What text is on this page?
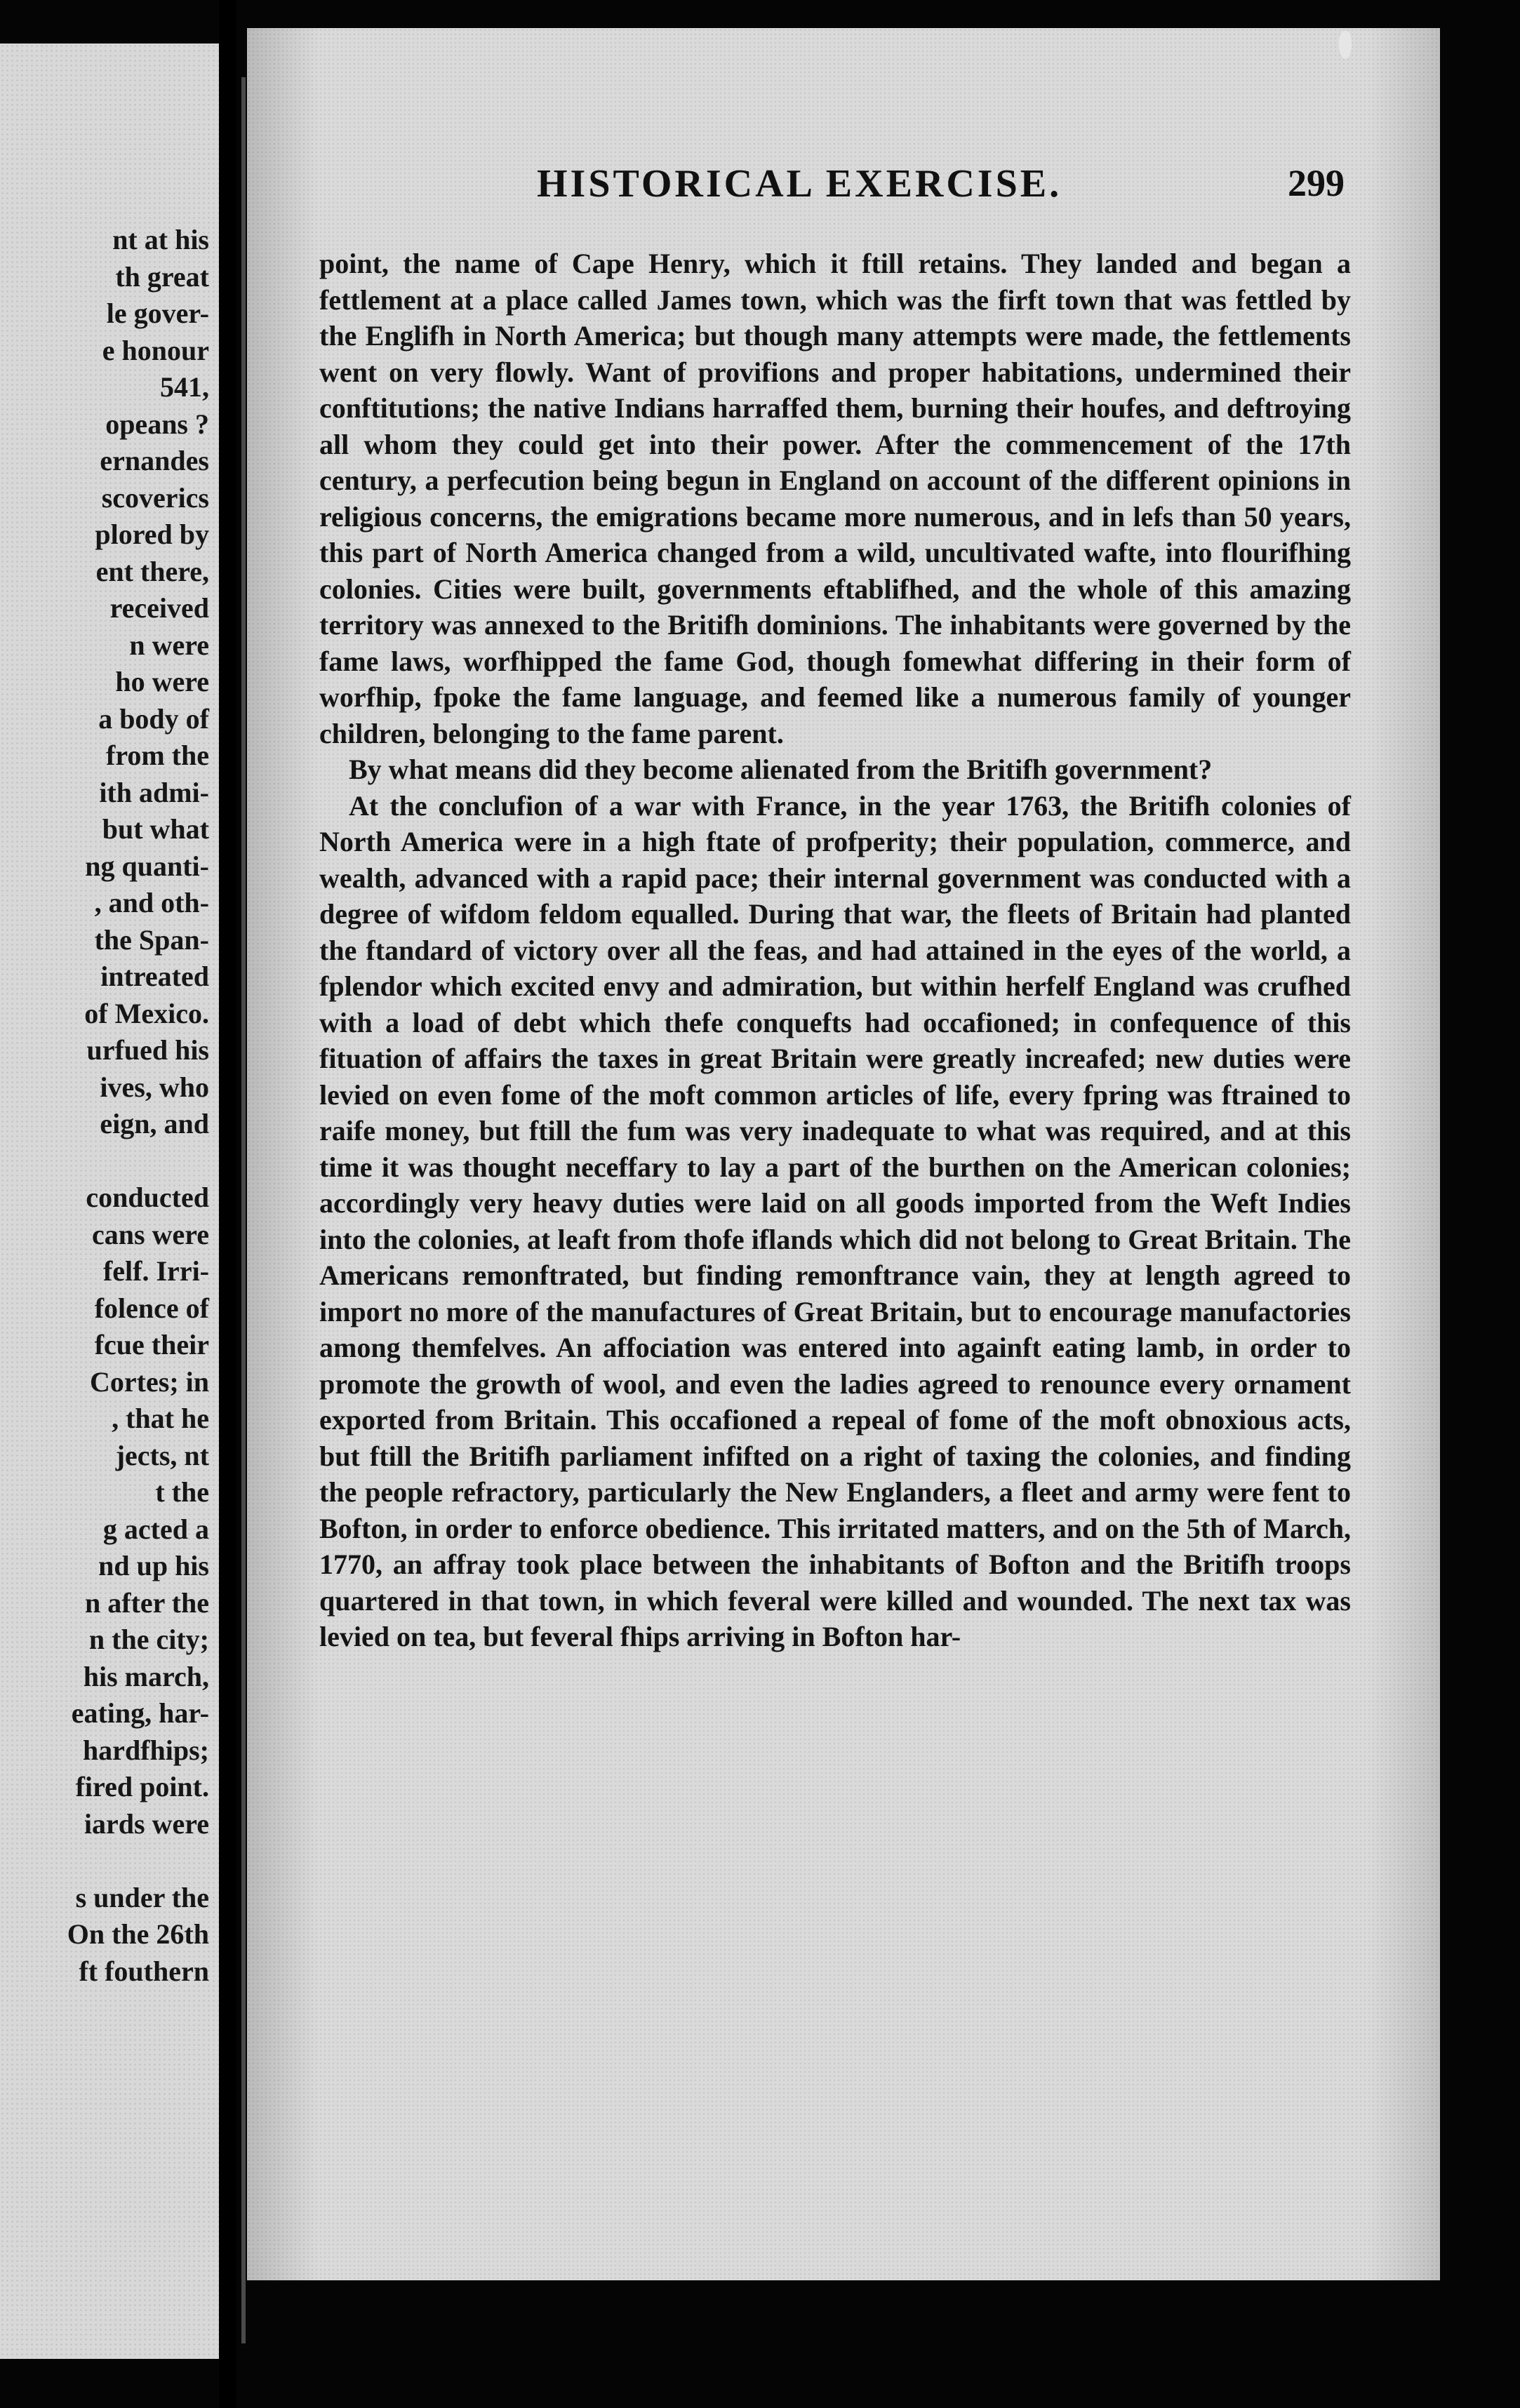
nt at his
th great
le gover-
e honour
541,
opeans ?
ernandes
scoverics
plored by
ent there,
received
n were
ho were
a body of
from the
ith admi-
but what
ng quanti-
, and oth-
the Span-
intreated
of Mexico.
urfued his
ives, who
eign, and
conducted
cans were
felf. Irri-
folence of
fcue their
Cortes; in
, that he
jects, nt
t the
g acted a
nd up his
n after the
n the city;
his march,
eating, har-
hardfhips;
fired point.
iards were
s under the
On the 26th
ft fouthern
HISTORICAL EXERCISE.	299

point, the name of Cape Henry, which it ftill retains. They landed and began a fettlement at a place called James town, which was the firft town that was fettled by the Englifh in North America; but though many attempts were made, the fettlements went on very flowly. Want of provifions and proper habitations, undermined their conftitutions; the native Indians harraffed them, burning their houfes, and deftroying all whom they could get into their power. After the commencement of the 17th century, a perfecution being begun in England on account of the different opinions in religious concerns, the emigrations became more numerous, and in lefs than 50 years, this part of North America changed from a wild, uncultivated wafte, into flourifhing colonies. Cities were built, governments eftablifhed, and the whole of this amazing territory was annexed to the Britifh dominions. The inhabitants were governed by the fame laws, worfhipped the fame God, though fomewhat differing in their form of worfhip, fpoke the fame language, and feemed like a numerous family of younger children, belonging to the fame parent.

By what means did they become alienated from the Britifh government?

At the conclufion of a war with France, in the year 1763, the Britifh colonies of North America were in a high ftate of profperity; their population, commerce, and wealth, advanced with a rapid pace; their internal government was conducted with a degree of wifdom feldom equalled. During that war, the fleets of Britain had planted the ftandard of victory over all the feas, and had attained in the eyes of the world, a fplendor which excited envy and admiration, but within herfelf England was crufhed with a load of debt which thefe conquefts had occafioned; in confequence of this fituation of affairs the taxes in great Britain were greatly increafed; new duties were levied on even fome of the moft common articles of life, every fpring was ftrained to raife money, but ftill the fum was very inadequate to what was required, and at this time it was thought neceffary to lay a part of the burthen on the American colonies; accordingly very heavy duties were laid on all goods imported from the Weft Indies into the colonies, at leaft from thofe iflands which did not belong to Great Britain. The Americans remonftrated, but finding remonftrance vain, they at length agreed to import no more of the manufactures of Great Britain, but to encourage manufactories among themfelves. An affociation was entered into againft eating lamb, in order to promote the growth of wool, and even the ladies agreed to renounce every ornament exported from Britain. This occafioned a repeal of fome of the moft obnoxious acts, but ftill the Britifh parliament infifted on a right of taxing the colonies, and finding the people refractory, particularly the New Englanders, a fleet and army were fent to Bofton, in order to enforce obedience. This irritated matters, and on the 5th of March, 1770, an affray took place between the inhabitants of Bofton and the Britifh troops quartered in that town, in which feveral were killed and wounded. The next tax was levied on tea, but feveral fhips arriving in Bofton har-
